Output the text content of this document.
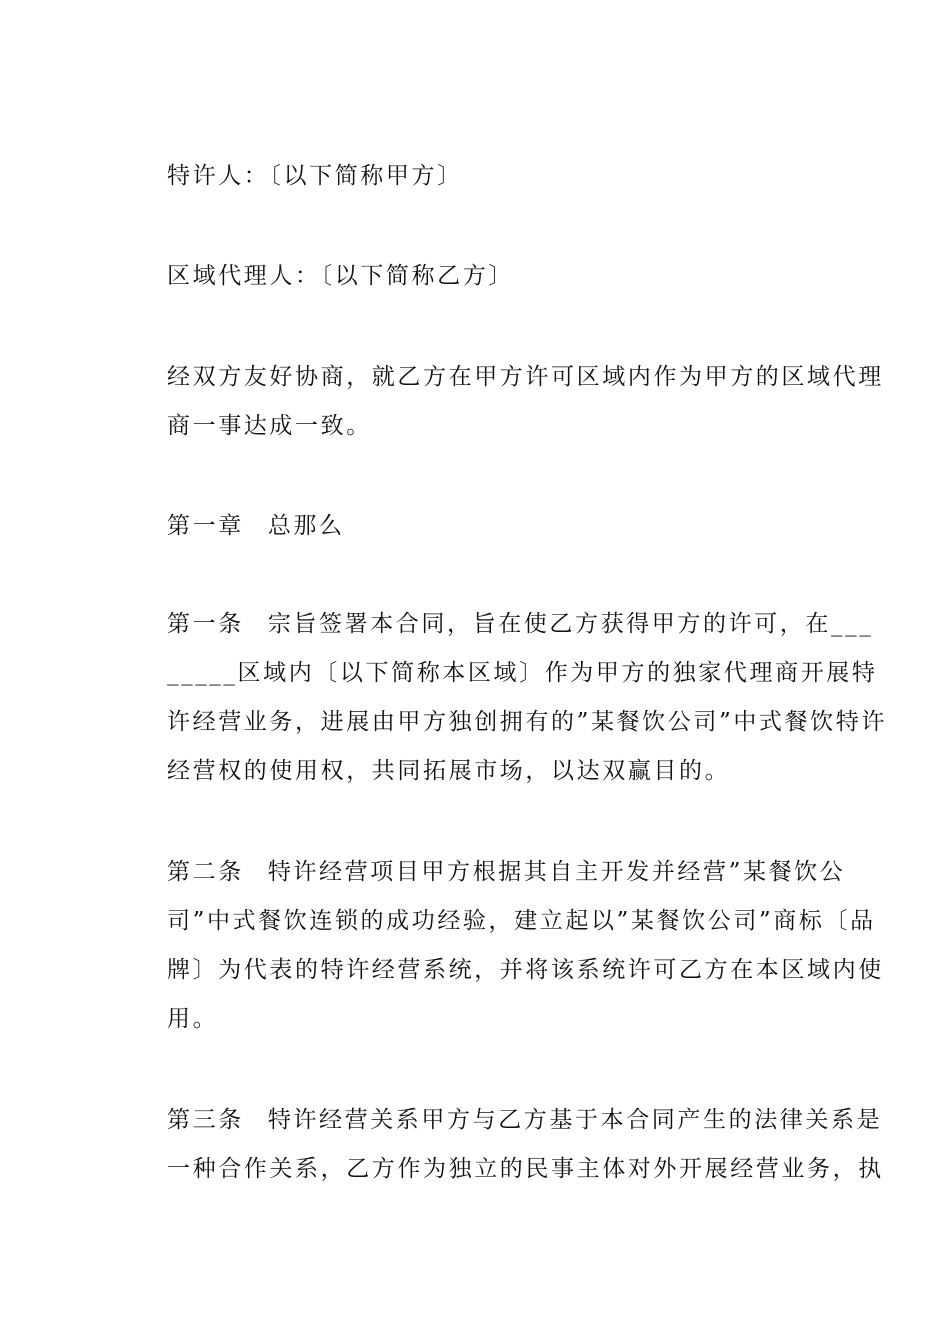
特许人：〔以下简称甲方〕

区域代理人：〔以下简称乙方〕

经双方友好协商，就乙方在甲方许可区域内作为甲方的区域代理商一事达成一致。

第一章 总那么

第一条 宗旨签署本合同，旨在使乙方获得甲方的许可，在________区域内〔以下简称本区域〕作为甲方的独家代理商开展特许经营业务，进展由甲方独创拥有的”某餐饮公司”中式餐饮特许经营权的使用权，共同拓展市场，以达双赢目的。

第二条 特许经营项目甲方根据其自主开发并经营”某餐饮公司”中式餐饮连锁的成功经验，建立起以”某餐饮公司”商标〔品牌〕为代表的特许经营系统，并将该系统许可乙方在本区域内使用。

第三条 特许经营关系甲方与乙方基于本合同产生的法律关系是一种合作关系，乙方作为独立的民事主体对外开展经营业务，执
